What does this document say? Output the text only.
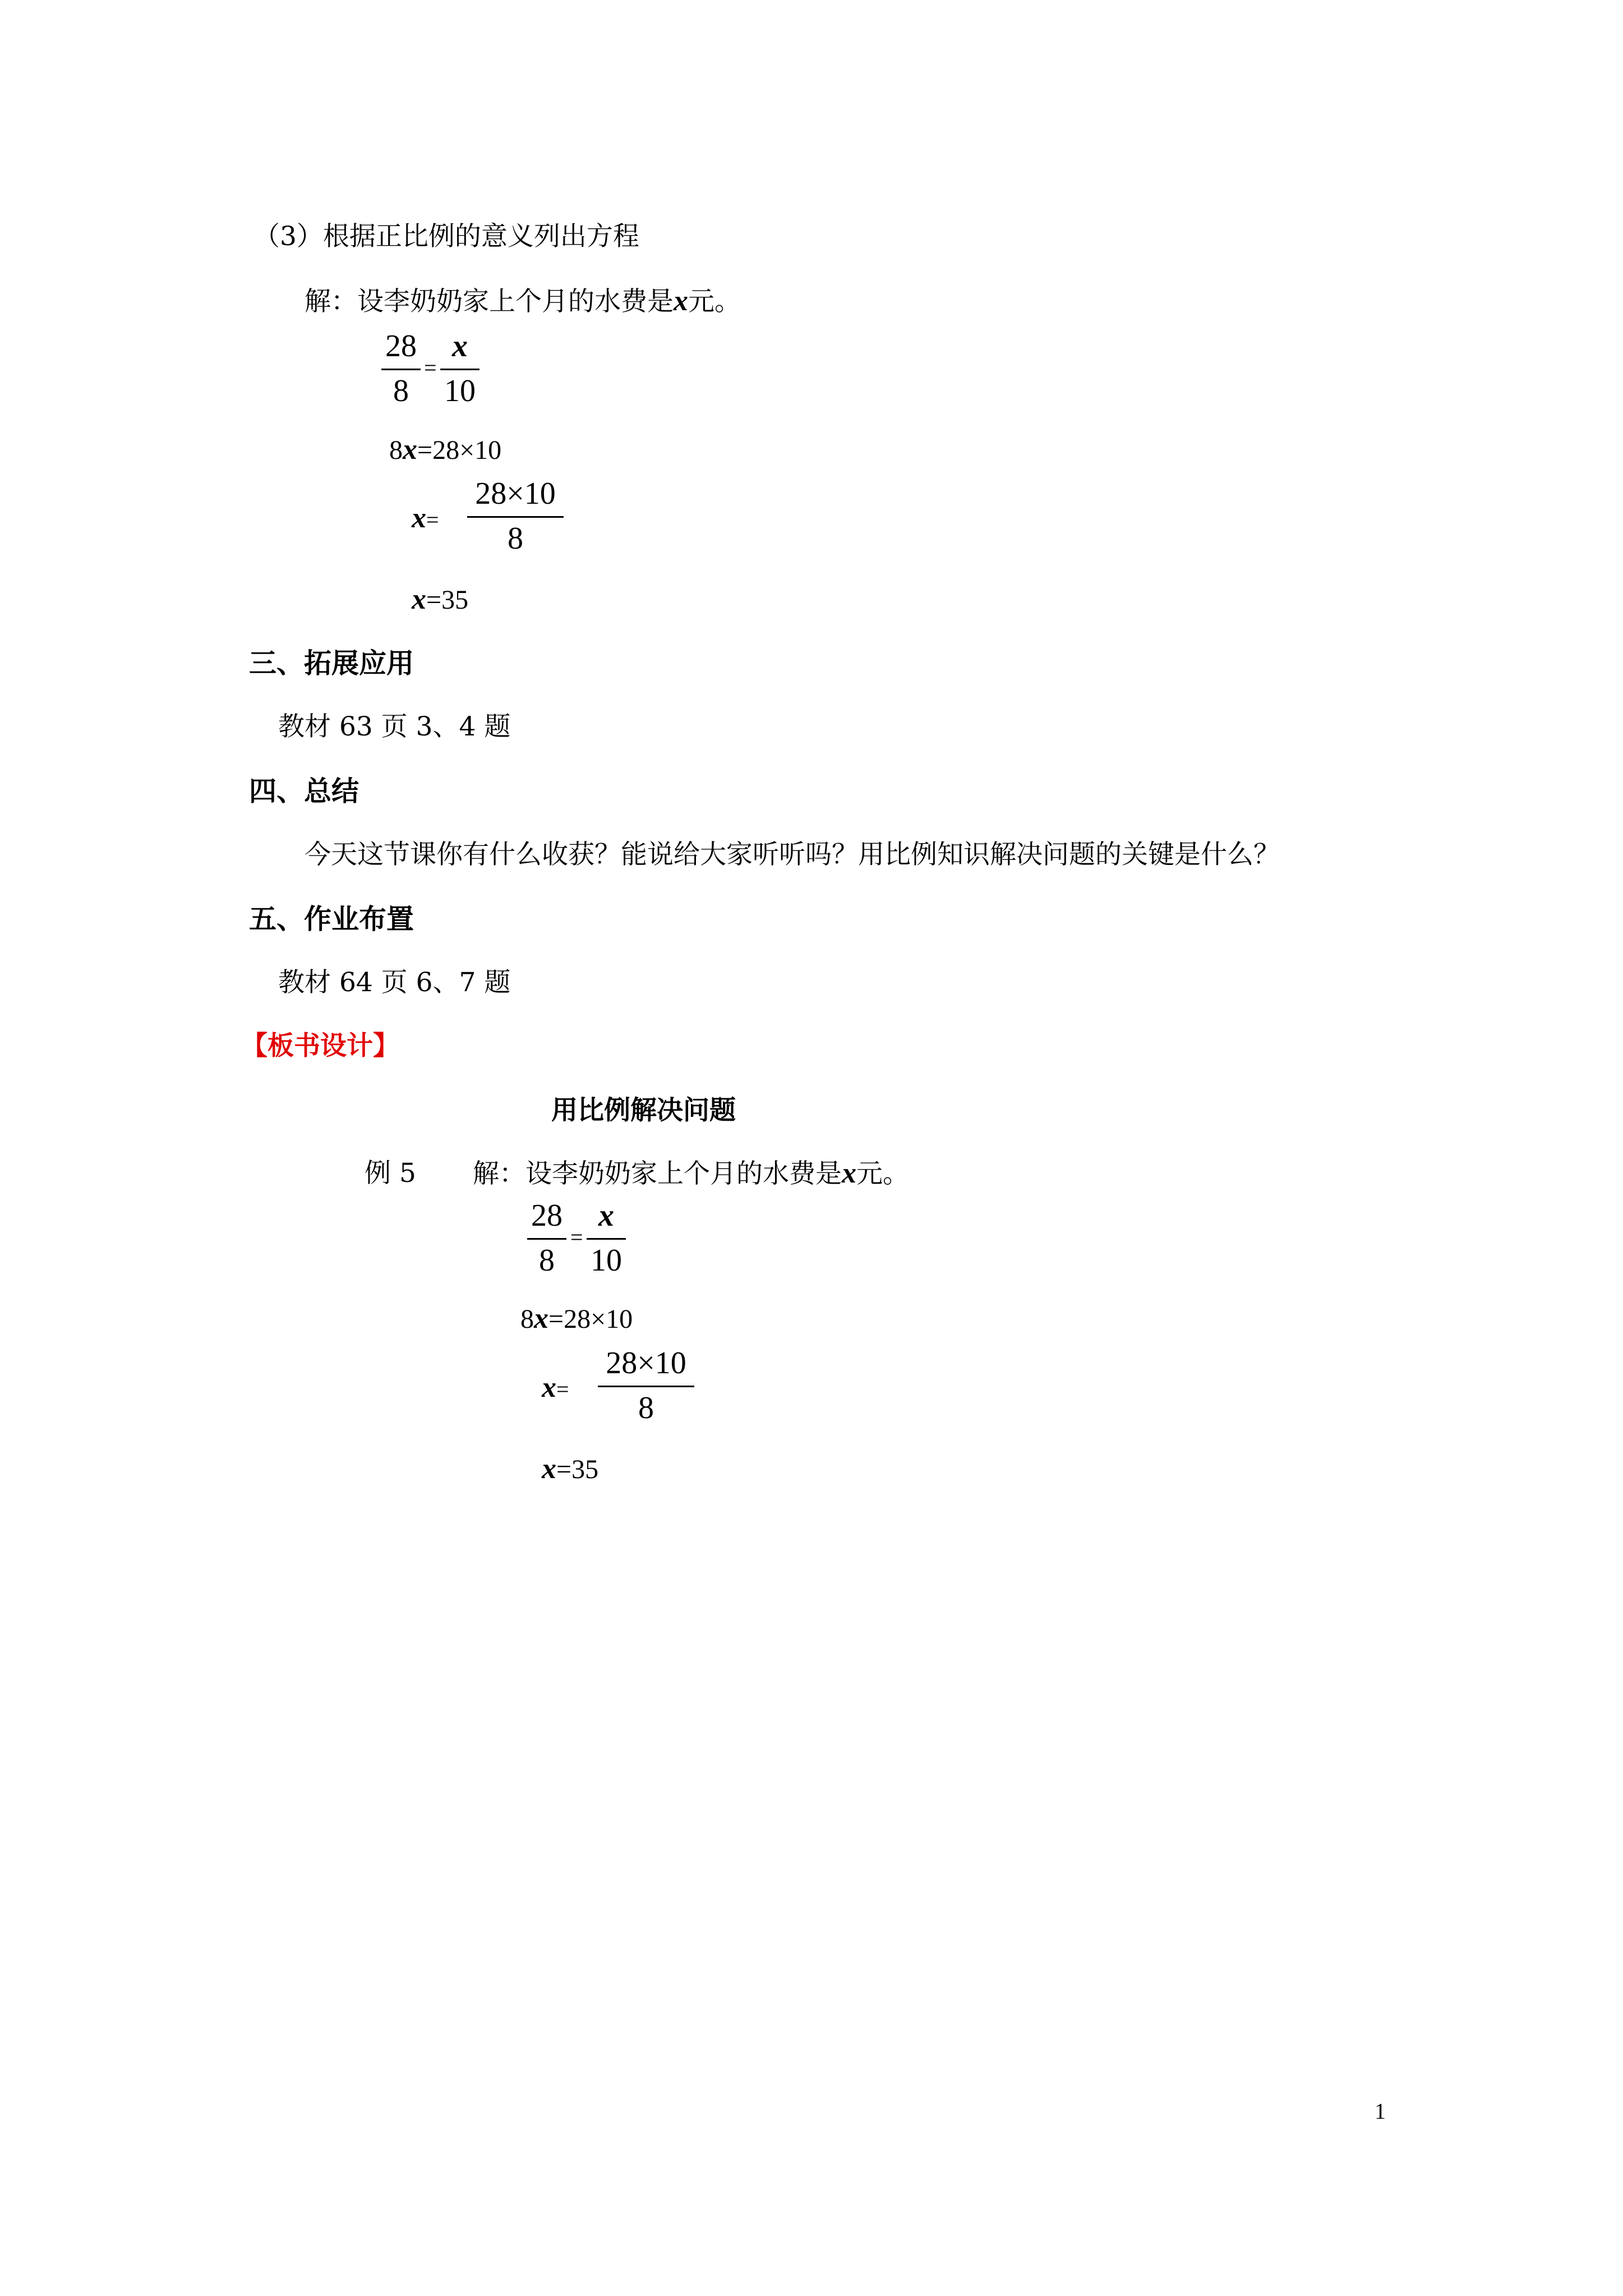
（3）根据正比例的意义列出方程
解：设李奶奶家上个月的水费是x元。
28
8
=
x
10
8x=28×10
x=
28×10
8
x=35
三、拓展应用
教材 63 页 3、4 题
四、总结
今天这节课你有什么收获？能说给大家听听吗？用比例知识解决问题的关键是什么？
五、作业布置
教材 64 页 6、7 题
【板书设计】
用比例解决问题
例 5 解：设李奶奶家上个月的水费是x元。
28
8
=
x
10
8x=28×10
x=
28×10
8
x=35
1
